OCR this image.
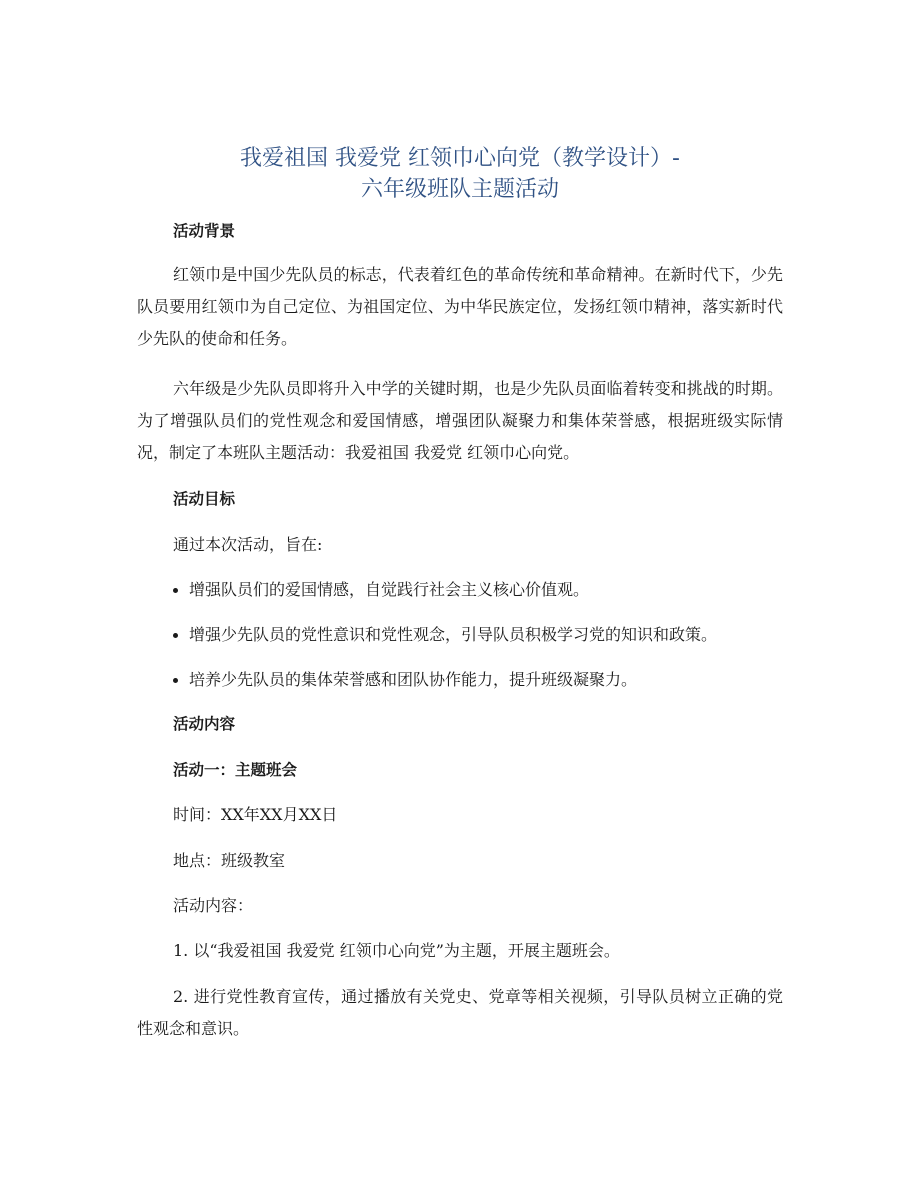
我爱祖国 我爱党 红领巾心向党（教学设计）-
六年级班队主题活动

活动背景

红领巾是中国少先队员的标志，代表着红色的革命传统和革命精神。在新时代下，少先队员要用红领巾为自己定位、为祖国定位、为中华民族定位，发扬红领巾精神，落实新时代少先队的使命和任务。

六年级是少先队员即将升入中学的关键时期，也是少先队员面临着转变和挑战的时期。为了增强队员们的党性观念和爱国情感，增强团队凝聚力和集体荣誉感，根据班级实际情况，制定了本班队主题活动：我爱祖国 我爱党 红领巾心向党。

活动目标

通过本次活动，旨在:

增强队员们的爱国情感，自觉践行社会主义核心价值观。
增强少先队员的党性意识和党性观念，引导队员积极学习党的知识和政策。
培养少先队员的集体荣誉感和团队协作能力，提升班级凝聚力。

活动内容

活动一：主题班会

时间：XX年XX月XX日

地点：班级教室

活动内容：

1. 以“我爱祖国 我爱党 红领巾心向党”为主题，开展主题班会。

2. 进行党性教育宣传，通过播放有关党史、党章等相关视频，引导队员树立正确的党性观念和意识。
